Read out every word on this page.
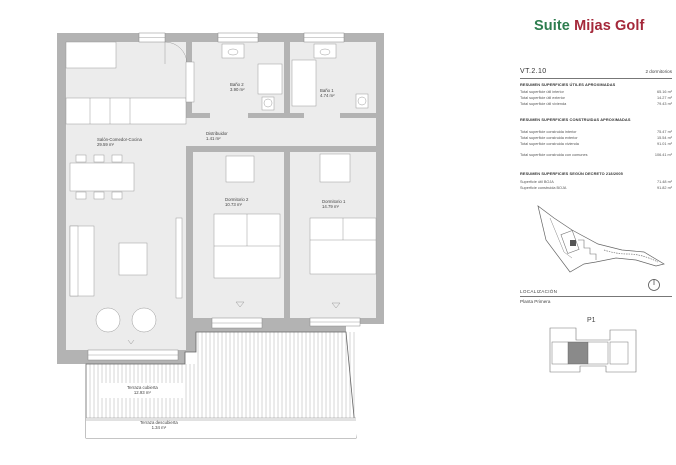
Salón-Comedor-Cocina
29.59 m²
Baño 2
3.90 m²	Baño 1
4.74 m²
Distribuidor
1.41 m²
Dormitorio 2
10.73 m²
Dormitorio 1
14.79 m²
Terraza cubierta
12.93 m²
Terraza descubierta
1.34 m²
Suite Mijas Golf
VT.2.10	2 dormitorios
RESUMEN SUPERFICIES ÚTILES APROXIMADAS
Total superficie útil interior	65.16 m²
Total superficie útil exterior	14.27 m²
Total superficie útil vivienda	79.43 m²
RESUMEN SUPERFICIES CONSTRUIDAS APROXIMADAS
Total superficie construida interior	75.47 m²
Total superficie construida exterior	15.54 m²
Total superficie construida vivienda	91.01 m²
Total superficie construida con comunes	106.41 m²
RESUMEN SUPERFICIES SEGÚN DECRETO 218/2005
Superficie útil BOJA	71.48 m²
Superficie construida BOJA	91.82 m²
LOCALIZACIÓN
Planta Primera
P1
